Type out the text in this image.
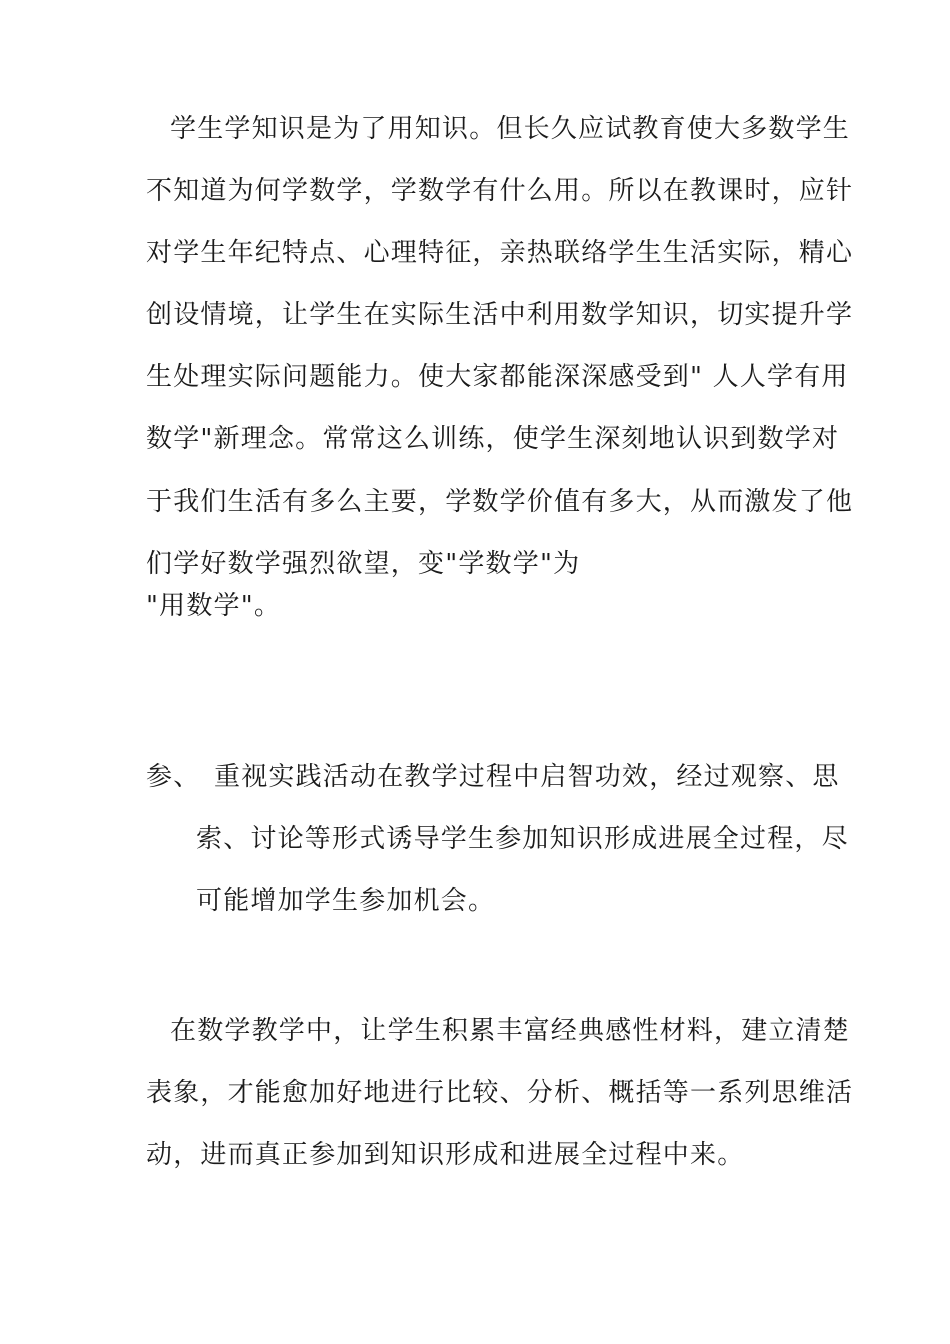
学生学知识是为了用知识。但长久应试教育使大多数学生
不知道为何学数学，学数学有什么用。所以在教课时，应针
对学生年纪特点、心理特征，亲热联络学生生活实际，精心
创设情境，让学生在实际生活中利用数学知识，切实提升学
生处理实际问题能力。使大家都能深深感受到" 人人学有用
数学"新理念。常常这么训练，使学生深刻地认识到数学对
于我们生活有多么主要，学数学价值有多大，从而激发了他
们学好数学强烈欲望，变"学数学"为
"用数学"。
参、 重视实践活动在教学过程中启智功效，经过观察、思
索、讨论等形式诱导学生参加知识形成进展全过程，尽
可能增加学生参加机会。
在数学教学中，让学生积累丰富经典感性材料，建立清楚
表象，才能愈加好地进行比较、分析、概括等一系列思维活
动，进而真正参加到知识形成和进展全过程中来。
